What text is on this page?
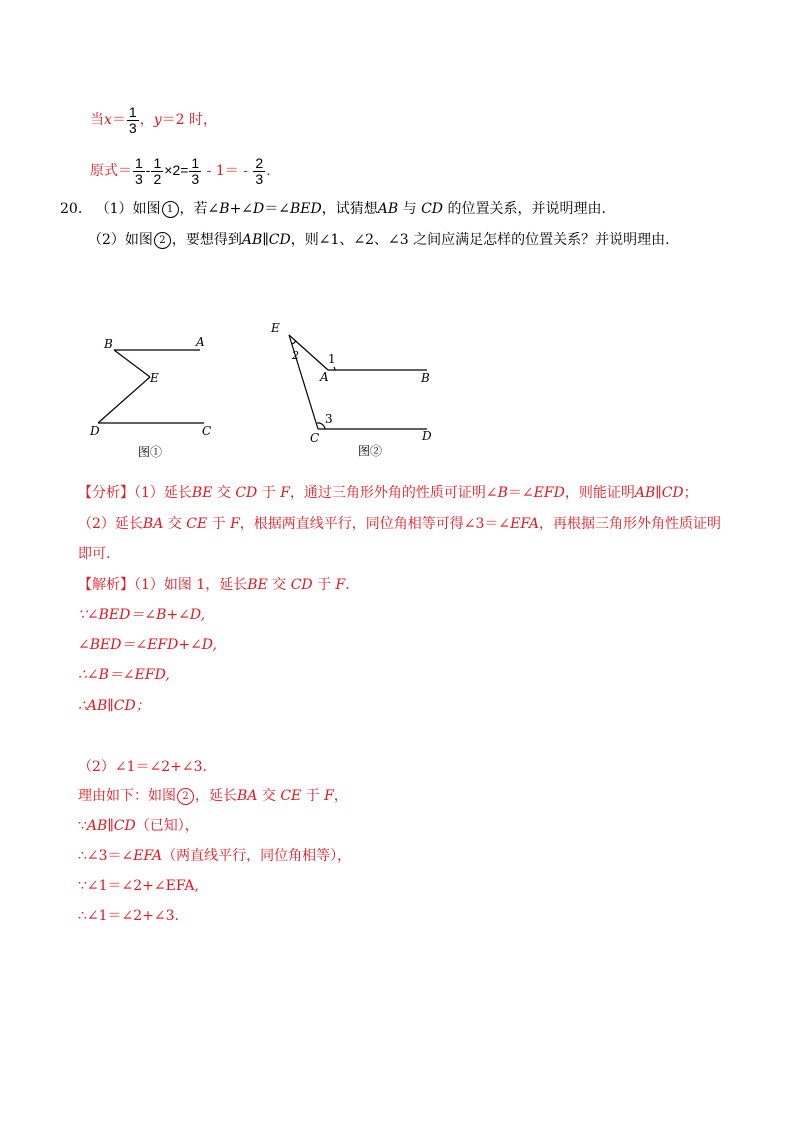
当$x= \frac{1}{3}$ ，y＝2 时，
原式＝ $\frac{1}{3} - \frac{1}{2} \times 2= \frac{1}{3} - 1= - \frac{2}{3}$ .
20. （1）如图 1 ，若∠B+∠D＝∠BED，试猜想AB 与 CD 的位置关系，并说明理由.
（2）如图 2 ，要想得到AB∥CD，则∠1、∠2、∠3 之间应满足怎样的位置关系？并说明理由.
B	A
E
D	C
图①
E
1
2
A	B
3
C	D
图②
【分析】（1）延长BE 交 CD 于 F，通过三角形外角的性质可证明∠B＝∠EFD，则能证明AB∥CD；
（2）延长BA 交 CE 于 F，根据两直线平行，同位角相等可得∠3＝∠EFA，再根据三角形外角性质证明
即可.
【解析】（1）如图 1，延长BE 交 CD 于 F.
∵∠BED＝∠B+∠D,
∠BED＝∠EFD+∠D,
∴∠B＝∠EFD,
∴AB∥CD；
（2）∠1＝∠2+∠3.
理由如下：如图 2 ，延长BA 交 CE 于 F，
∵AB∥CD（已知），
∴∠3＝∠EFA（两直线平行，同位角相等），
∵∠1＝∠2+∠EFA,
∴∠1＝∠2+∠3.
